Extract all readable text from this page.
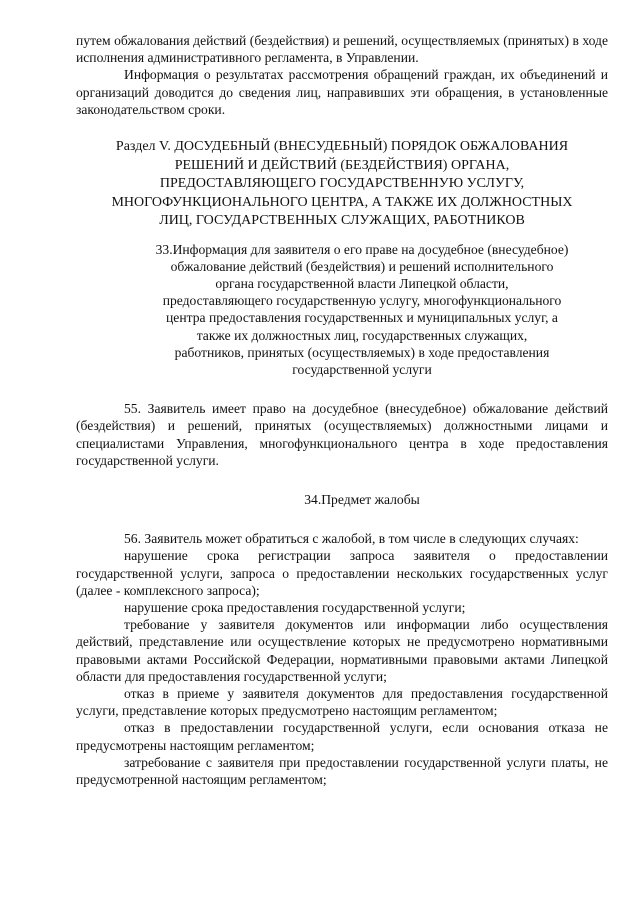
путем обжалования действий (бездействия) и решений, осуществляемых (принятых) в ходе исполнения административного регламента, в Управлении.

Информация о результатах рассмотрения обращений граждан, их объединений и организаций доводится до сведения лиц, направивших эти обращения, в установленные законодательством сроки.

Раздел V. ДОСУДЕБНЫЙ (ВНЕСУДЕБНЫЙ) ПОРЯДОК ОБЖАЛОВАНИЯ
РЕШЕНИЙ И ДЕЙСТВИЙ (БЕЗДЕЙСТВИЯ) ОРГАНА,
ПРЕДОСТАВЛЯЮЩЕГО ГОСУДАРСТВЕННУЮ УСЛУГУ,
МНОГОФУНКЦИОНАЛЬНОГО ЦЕНТРА, А ТАКЖЕ ИХ ДОЛЖНОСТНЫХ
ЛИЦ, ГОСУДАРСТВЕННЫХ СЛУЖАЩИХ, РАБОТНИКОВ
33.Информация для заявителя о его праве на досудебное (внесудебное)
обжалование действий (бездействия) и решений исполнительного
органа государственной власти Липецкой области,
предоставляющего государственную услугу, многофункционального
центра предоставления государственных и муниципальных услуг, а
также их должностных лиц, государственных служащих,
работников, принятых (осуществляемых) в ходе предоставления
государственной услуги

55. Заявитель имеет право на досудебное (внесудебное) обжалование действий (бездействия) и решений, принятых (осуществляемых) должностными лицами и специалистами Управления, многофункционального центра в ходе предоставления государственной услуги.

34.Предмет жалобы

56. Заявитель может обратиться с жалобой, в том числе в следующих случаях:

нарушение срока регистрации запроса заявителя о предоставлении государственной услуги, запроса о предоставлении нескольких государственных услуг (далее - комплексного запроса);

нарушение срока предоставления государственной услуги;

требование у заявителя документов или информации либо осуществления действий, представление или осуществление которых не предусмотрено нормативными правовыми актами Российской Федерации, нормативными правовыми актами Липецкой области для предоставления государственной услуги;

отказ в приеме у заявителя документов для предоставления государственной услуги, представление которых предусмотрено настоящим регламентом;

отказ в предоставлении государственной услуги, если основания отказа не предусмотрены настоящим регламентом;

затребование с заявителя при предоставлении государственной услуги платы, не предусмотренной настоящим регламентом;
